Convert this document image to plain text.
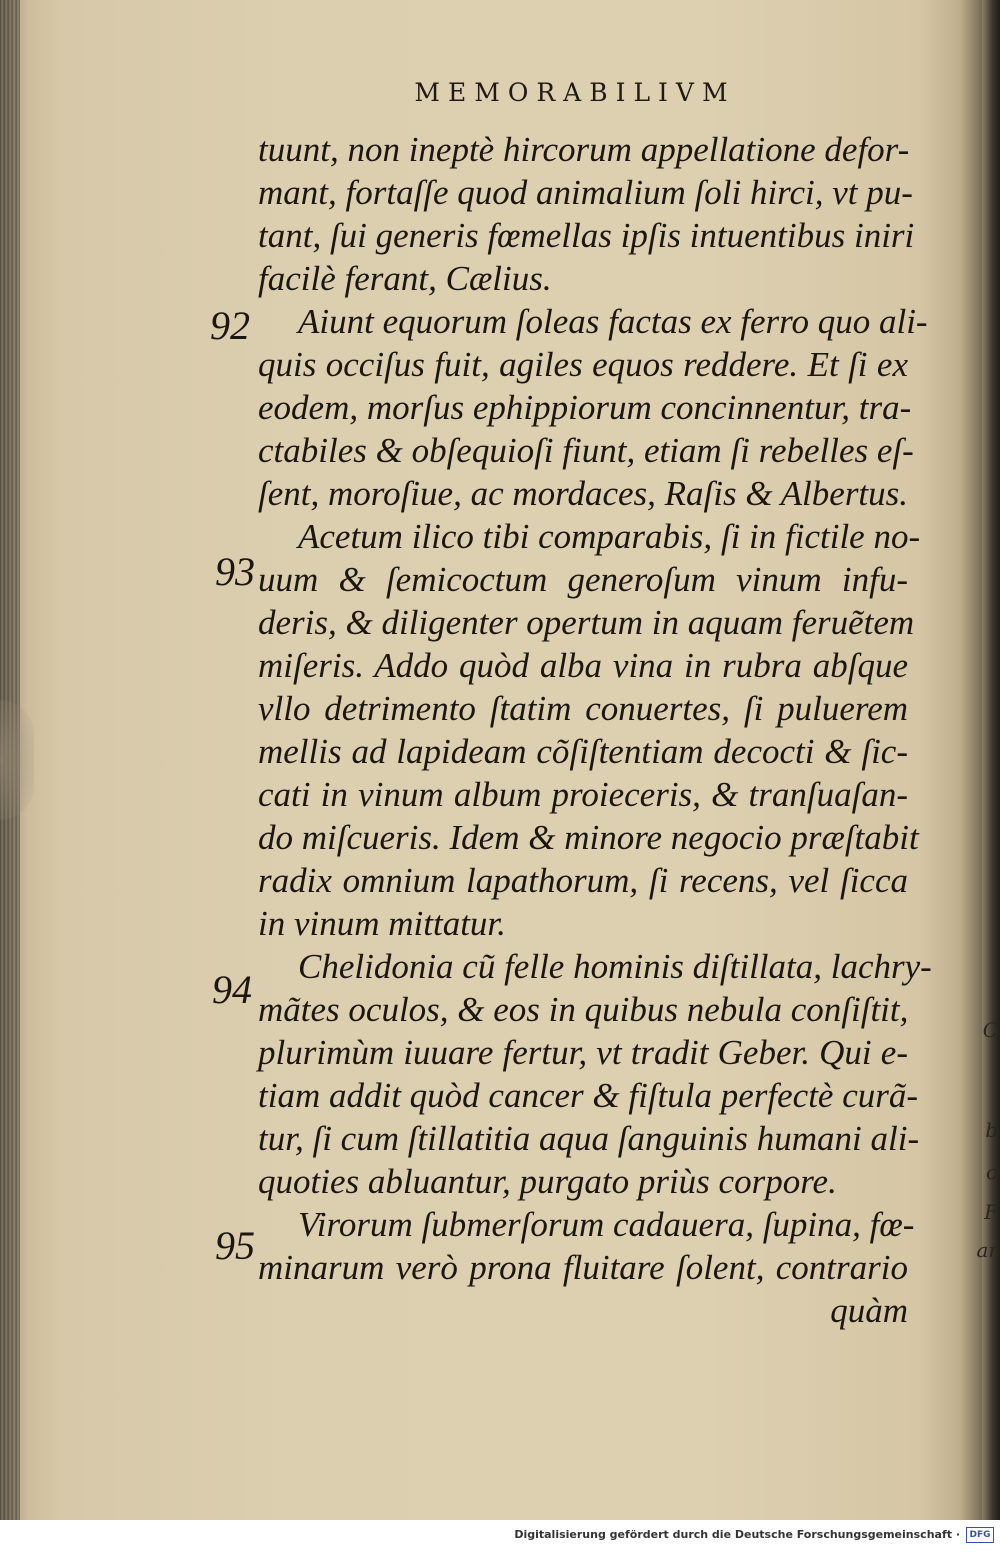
C
b
o
F
ar
MEMORABILIVM
92
93
94
95
tuunt, non ineptè hircorum appellatione defor-
mant, fortaſſe quod animalium ſoli hirci, vt pu-
tant, ſui generis fœmellas ipſis intuentibus iniri
facilè ferant, Cælius.
Aiunt equorum ſoleas factas ex ferro quo ali-
quis occiſus fuit, agiles equos reddere. Et ſi ex
eodem, morſus ephippiorum concinnentur, tra-
ctabiles & obſequioſi fiunt, etiam ſi rebelles eſ-
ſent, moroſiue, ac mordaces, Raſis & Albertus.
Acetum ilico tibi comparabis, ſi in fictile no-
uum & ſemicoctum generoſum vinum infu-
deris, & diligenter opertum in aquam feruẽtem
miſeris. Addo quòd alba vina in rubra abſque
vllo detrimento ſtatim conuertes, ſi puluerem
mellis ad lapideam cõſiſtentiam decocti & ſic-
cati in vinum album proieceris, & tranſuaſan-
do miſcueris. Idem & minore negocio præſtabit
radix omnium lapathorum, ſi recens, vel ſicca
in vinum mittatur.
Chelidonia cũ felle hominis diſtillata, lachry-
mãtes oculos, & eos in quibus nebula conſiſtit,
plurimùm iuuare fertur, vt tradit Geber. Qui e-
tiam addit quòd cancer & fiſtula perfectè curã-
tur, ſi cum ſtillatitia aqua ſanguinis humani ali-
quoties abluantur, purgato priùs corpore.
Virorum ſubmerſorum cadauera, ſupina, fœ-
minarum verò prona fluitare ſolent, contrario
quàm
Digitalisierung gefördert durch die Deutsche Forschungsgemeinschaft ·	DFG
